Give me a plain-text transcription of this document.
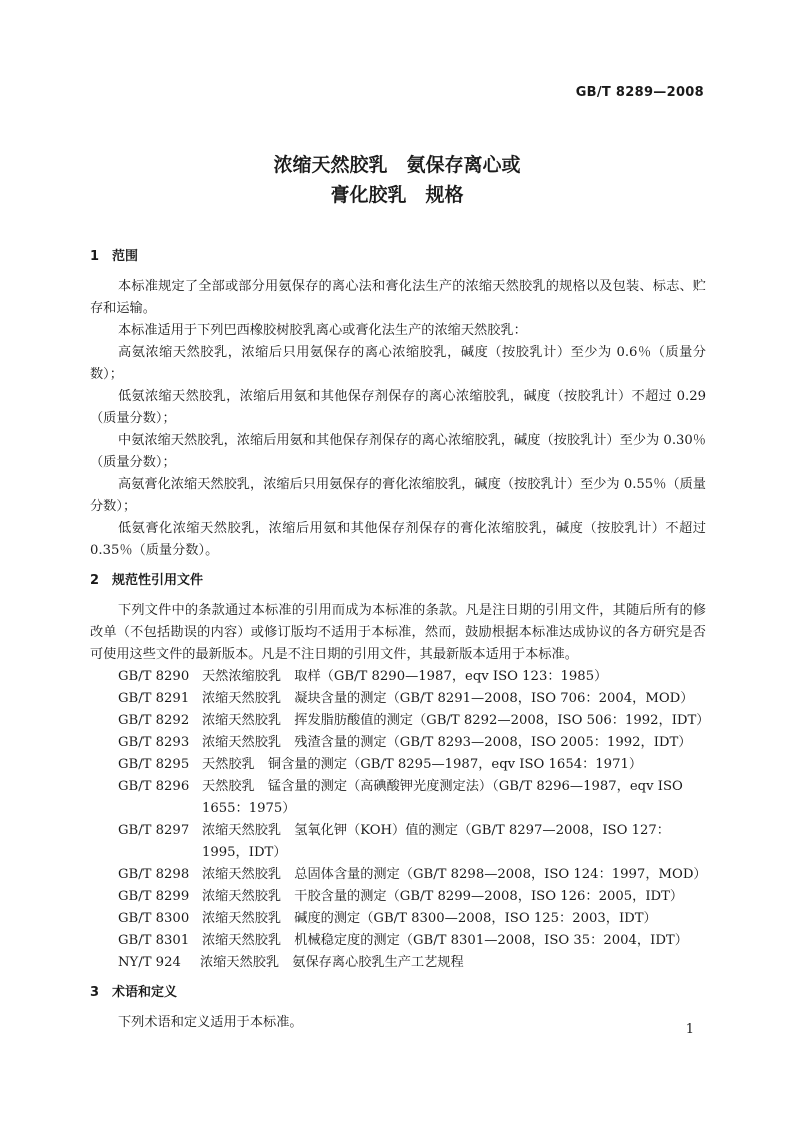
GB/T 8289—2008
浓缩天然胶乳　氨保存离心或
膏化胶乳　规格

1 范围

本标准规定了全部或部分用氨保存的离心法和膏化法生产的浓缩天然胶乳的规格以及包装、标志、贮存和运输。

本标准适用于下列巴西橡胶树胶乳离心或膏化法生产的浓缩天然胶乳：

高氨浓缩天然胶乳，浓缩后只用氨保存的离心浓缩胶乳，碱度（按胶乳计）至少为 0.6％（质量分数）；

低氨浓缩天然胶乳，浓缩后用氨和其他保存剂保存的离心浓缩胶乳，碱度（按胶乳计）不超过 0.29（质量分数）；

中氨浓缩天然胶乳，浓缩后用氨和其他保存剂保存的离心浓缩胶乳，碱度（按胶乳计）至少为 0.30％（质量分数）；

高氨膏化浓缩天然胶乳，浓缩后只用氨保存的膏化浓缩胶乳，碱度（按胶乳计）至少为 0.55％（质量分数）；

低氨膏化浓缩天然胶乳，浓缩后用氨和其他保存剂保存的膏化浓缩胶乳，碱度（按胶乳计）不超过 0.35％（质量分数）。

2 规范性引用文件

下列文件中的条款通过本标准的引用而成为本标准的条款。凡是注日期的引用文件，其随后所有的修改单（不包括勘误的内容）或修订版均不适用于本标准，然而，鼓励根据本标准达成协议的各方研究是否可使用这些文件的最新版本。凡是不注日期的引用文件，其最新版本适用于本标准。

GB/T 8290 天然浓缩胶乳　取样（GB/T 8290—1987，eqv ISO 123：1985）
GB/T 8291 浓缩天然胶乳　凝块含量的测定（GB/T 8291—2008，ISO 706：2004，MOD）
GB/T 8292 浓缩天然胶乳　挥发脂肪酸值的测定（GB/T 8292—2008，ISO 506：1992，IDT）
GB/T 8293 浓缩天然胶乳　残渣含量的测定（GB/T 8293—2008，ISO 2005：1992，IDT）
GB/T 8295 天然胶乳　铜含量的测定（GB/T 8295—1987，eqv ISO 1654：1971）
GB/T 8296 天然胶乳　锰含量的测定（高碘酸钾光度测定法）（GB/T 8296—1987，eqv ISO 1655：1975）
GB/T 8297 浓缩天然胶乳　氢氧化钾（KOH）值的测定（GB/T 8297—2008，ISO 127：1995，IDT）
GB/T 8298 浓缩天然胶乳　总固体含量的测定（GB/T 8298—2008，ISO 124：1997，MOD）
GB/T 8299 浓缩天然胶乳　干胶含量的测定（GB/T 8299—2008，ISO 126：2005，IDT）
GB/T 8300 浓缩天然胶乳　碱度的测定（GB/T 8300—2008，ISO 125：2003，IDT）
GB/T 8301 浓缩天然胶乳　机械稳定度的测定（GB/T 8301—2008，ISO 35：2004，IDT）
NY/T 924	浓缩天然胶乳　氨保存离心胶乳生产工艺规程

3 术语和定义

下列术语和定义适用于本标准。	1
